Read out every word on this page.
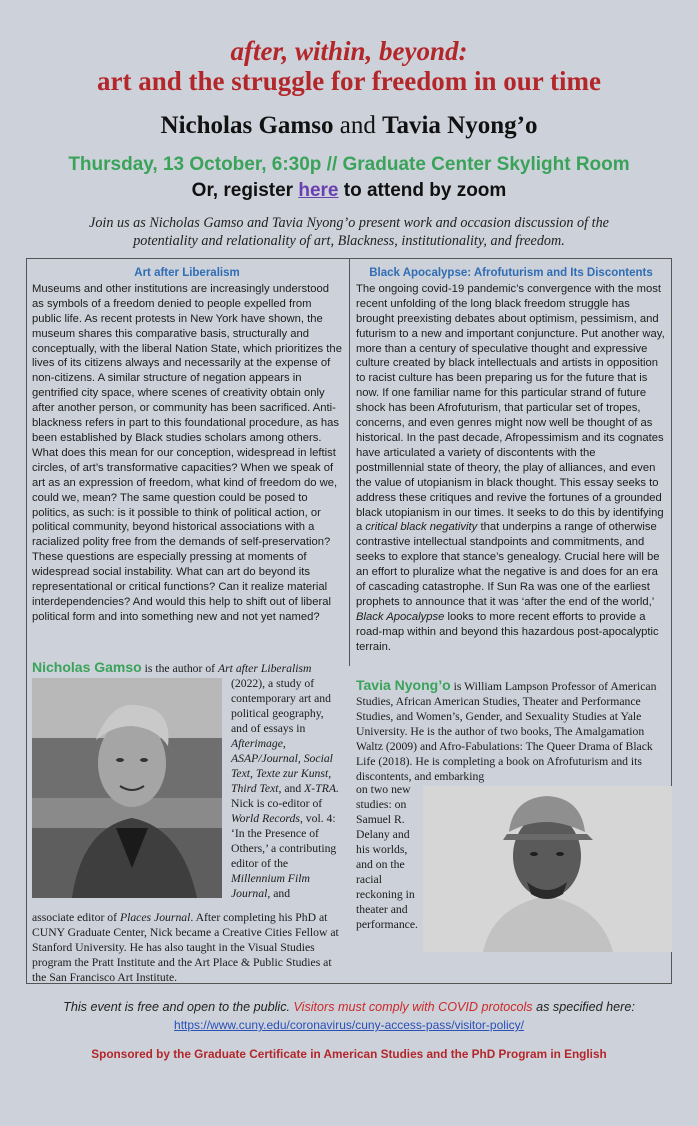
after, within, beyond:
art and the struggle for freedom in our time
Nicholas Gamso and Tavia Nyong’o
Thursday, 13 October, 6:30p // Graduate Center Skylight Room
Or, register here to attend by zoom
Join us as Nicholas Gamso and Tavia Nyong’o present work and occasion discussion of the potentiality and relationality of art, Blackness, institutionality, and freedom.
Art after Liberalism

Museums and other institutions are increasingly understood as symbols of a freedom denied to people expelled from public life. As recent protests in New York have shown, the museum shares this comparative basis, structurally and conceptually, with the liberal Nation State, which prioritizes the lives of its citizens always and necessarily at the expense of non-citizens. A similar structure of negation appears in gentrified city space, where scenes of creativity obtain only after another person, or community has been sacrificed. Anti-blackness refers in part to this foundational procedure, as has been established by Black studies scholars among others. What does this mean for our conception, widespread in leftist circles, of art’s transformative capacities? When we speak of art as an expression of freedom, what kind of freedom do we, could we, mean? The same question could be posed to politics, as such: is it possible to think of political action, or political community, beyond historical associations with a racialized polity free from the demands of self-preservation? These questions are especially pressing at moments of widespread social instability. What can art do beyond its representational or critical functions? Can it realize material interdependencies? And would this help to shift out of liberal political form and into something new and not yet named?

Black Apocalypse: Afrofuturism and Its Discontents

The ongoing covid-19 pandemic’s convergence with the most recent unfolding of the long black freedom struggle has brought preexisting debates about optimism, pessimism, and futurism to a new and important conjuncture. Put another way, more than a century of speculative thought and expressive culture created by black intellectuals and artists in opposition to racist culture has been preparing us for the future that is now. If one familiar name for this particular strand of future shock has been Afrofuturism, that particular set of tropes, concerns, and even genres might now well be thought of as historical. In the past decade, Afropessimism and its cognates have articulated a variety of discontents with the postmillennial state of theory, the play of alliances, and even the value of utopianism in black thought. This essay seeks to address these critiques and revive the fortunes of a grounded black utopianism in our times. It seeks to do this by identifying a critical black negativity that underpins a range of otherwise contrastive intellectual standpoints and commitments, and seeks to explore that stance’s genealogy. Crucial here will be an effort to pluralize what the negative is and does for an era of cascading catastrophe. If Sun Ra was one of the earliest prophets to announce that it was ‘after the end of the world,’ Black Apocalypse looks to more recent efforts to provide a road-map within and beyond this hazardous post-apocalyptic terrain.

Nicholas Gamso is the author of Art after Liberalism
(2022), a study of contemporary art and political geography, and of essays in Afterimage, ASAP/Journal, Social Text, Texte zur Kunst, Third Text, and X-TRA. Nick is co-editor of World Records, vol. 4: ‘In the Presence of Others,’ a contributing editor of the Millennium Film Journal, and
associate editor of Places Journal. After completing his PhD at CUNY Graduate Center, Nick became a Creative Cities Fellow at Stanford University. He has also taught in the Visual Studies program the Pratt Institute and the Art Place & Public Studies at the San Francisco Art Institute.
Tavia Nyong’o is William Lampson Professor of American Studies, African American Studies, Theater and Performance Studies, and Women’s, Gender, and Sexuality Studies at Yale University. He is the author of two books, The Amalgamation Waltz (2009) and Afro-Fabulations: The Queer Drama of Black Life (2018). He is completing a book on Afrofuturism and its discontents, and embarking
on two new studies: on Samuel R. Delany and his worlds, and on the racial reckoning in theater and performance.
This event is free and open to the public. Visitors must comply with COVID protocols as specified here:
https://www.cuny.edu/coronavirus/cuny-access-pass/visitor-policy/
Sponsored by the Graduate Certificate in American Studies and the PhD Program in English
